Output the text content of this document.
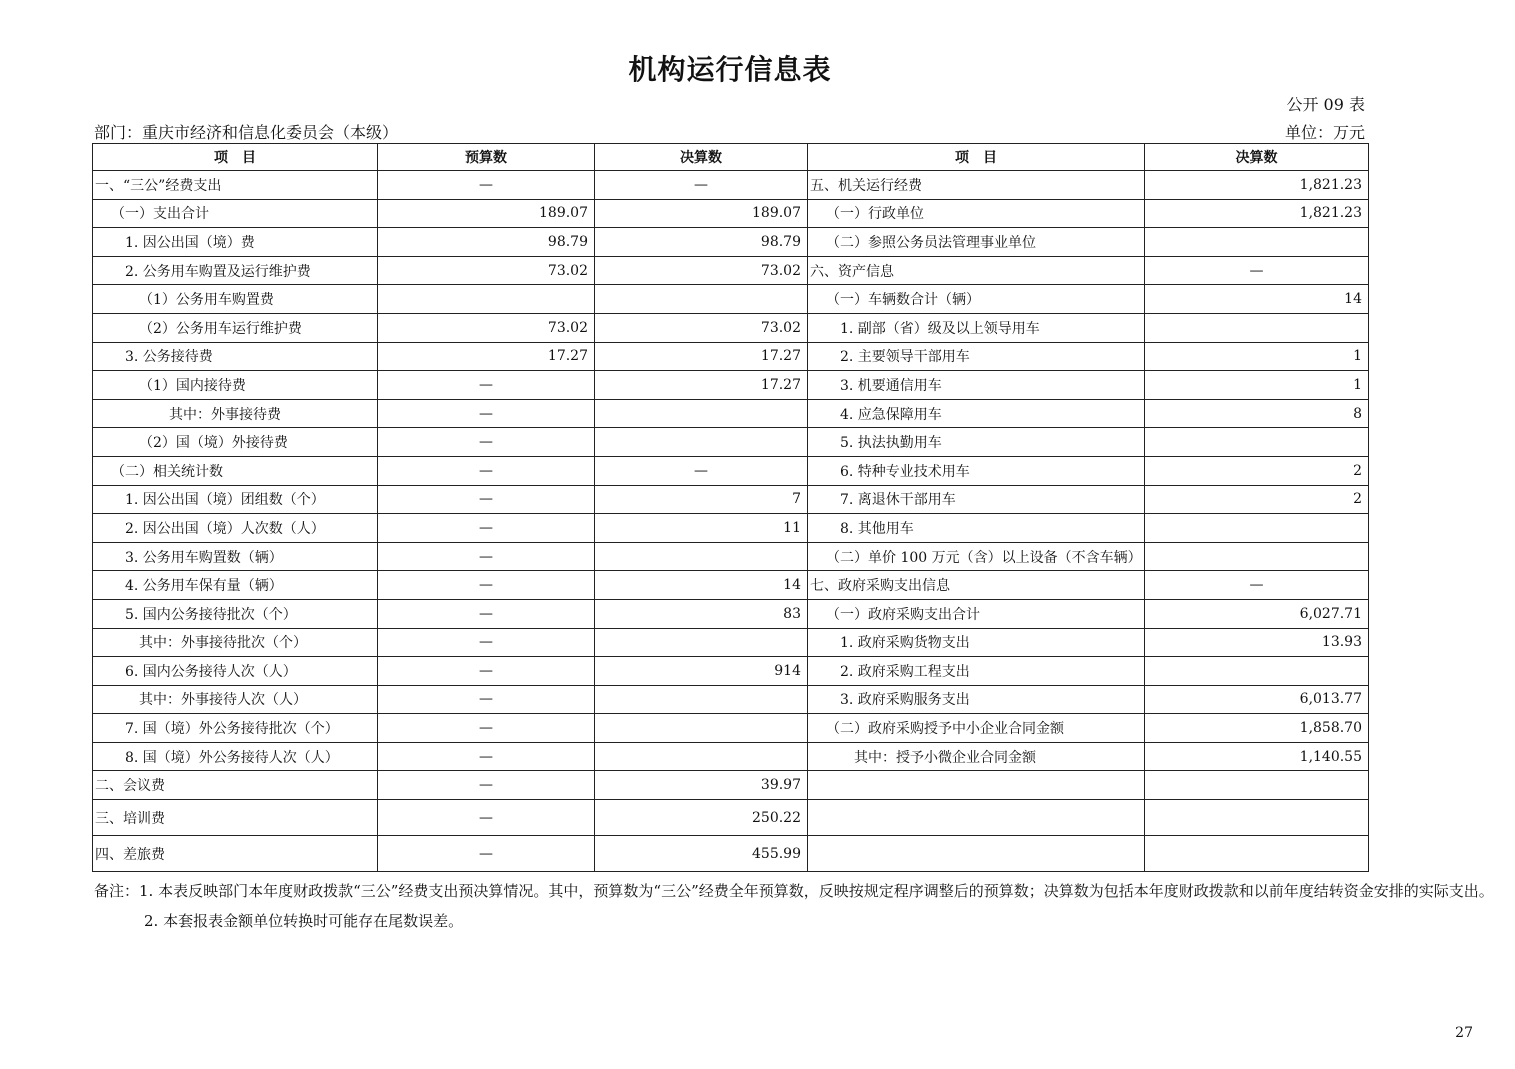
机构运行信息表
公开 09 表
部门：重庆市经济和信息化委员会（本级）	单位：万元
项　目	预算数	决算数	项　目	决算数
一、“三公”经费支出	—	—	五、机关运行经费	1,821.23
（一）支出合计	189.07	189.07	（一）行政单位	1,821.23
1. 因公出国（境）费	98.79	98.79	（二）参照公务员法管理事业单位	
2. 公务用车购置及运行维护费	73.02	73.02	六、资产信息	—
（1）公务用车购置费			（一）车辆数合计（辆）	14
（2）公务用车运行维护费	73.02	73.02	1. 副部（省）级及以上领导用车	
3. 公务接待费	17.27	17.27	2. 主要领导干部用车	1
（1）国内接待费	—	17.27	3. 机要通信用车	1
其中：外事接待费	—		4. 应急保障用车	8
（2）国（境）外接待费	—		5. 执法执勤用车	
（二）相关统计数	—	—	6. 特种专业技术用车	2
1. 因公出国（境）团组数（个）	—	7	7. 离退休干部用车	2
2. 因公出国（境）人次数（人）	—	11	8. 其他用车	
3. 公务用车购置数（辆）	—		（二）单价 100 万元（含）以上设备（不含车辆）	
4. 公务用车保有量（辆）	—	14	七、政府采购支出信息	—
5. 国内公务接待批次（个）	—	83	（一）政府采购支出合计	6,027.71
其中：外事接待批次（个）	—		1. 政府采购货物支出	13.93
6. 国内公务接待人次（人）	—	914	2. 政府采购工程支出	
其中：外事接待人次（人）	—		3. 政府采购服务支出	6,013.77
7. 国（境）外公务接待批次（个）	—		（二）政府采购授予中小企业合同金额	1,858.70
8. 国（境）外公务接待人次（人）	—		其中：授予小微企业合同金额	1,140.55
二、会议费	—	39.97		
三、培训费	—	250.22		
四、差旅费	—	455.99		
备注：1. 本表反映部门本年度财政拨款“三公”经费支出预决算情况。其中，预算数为“三公”经费全年预算数，反映按规定程序调整后的预算数；决算数为包括本年度财政拨款和以前年度结转资金安排的实际支出。
2. 本套报表金额单位转换时可能存在尾数误差。
27
